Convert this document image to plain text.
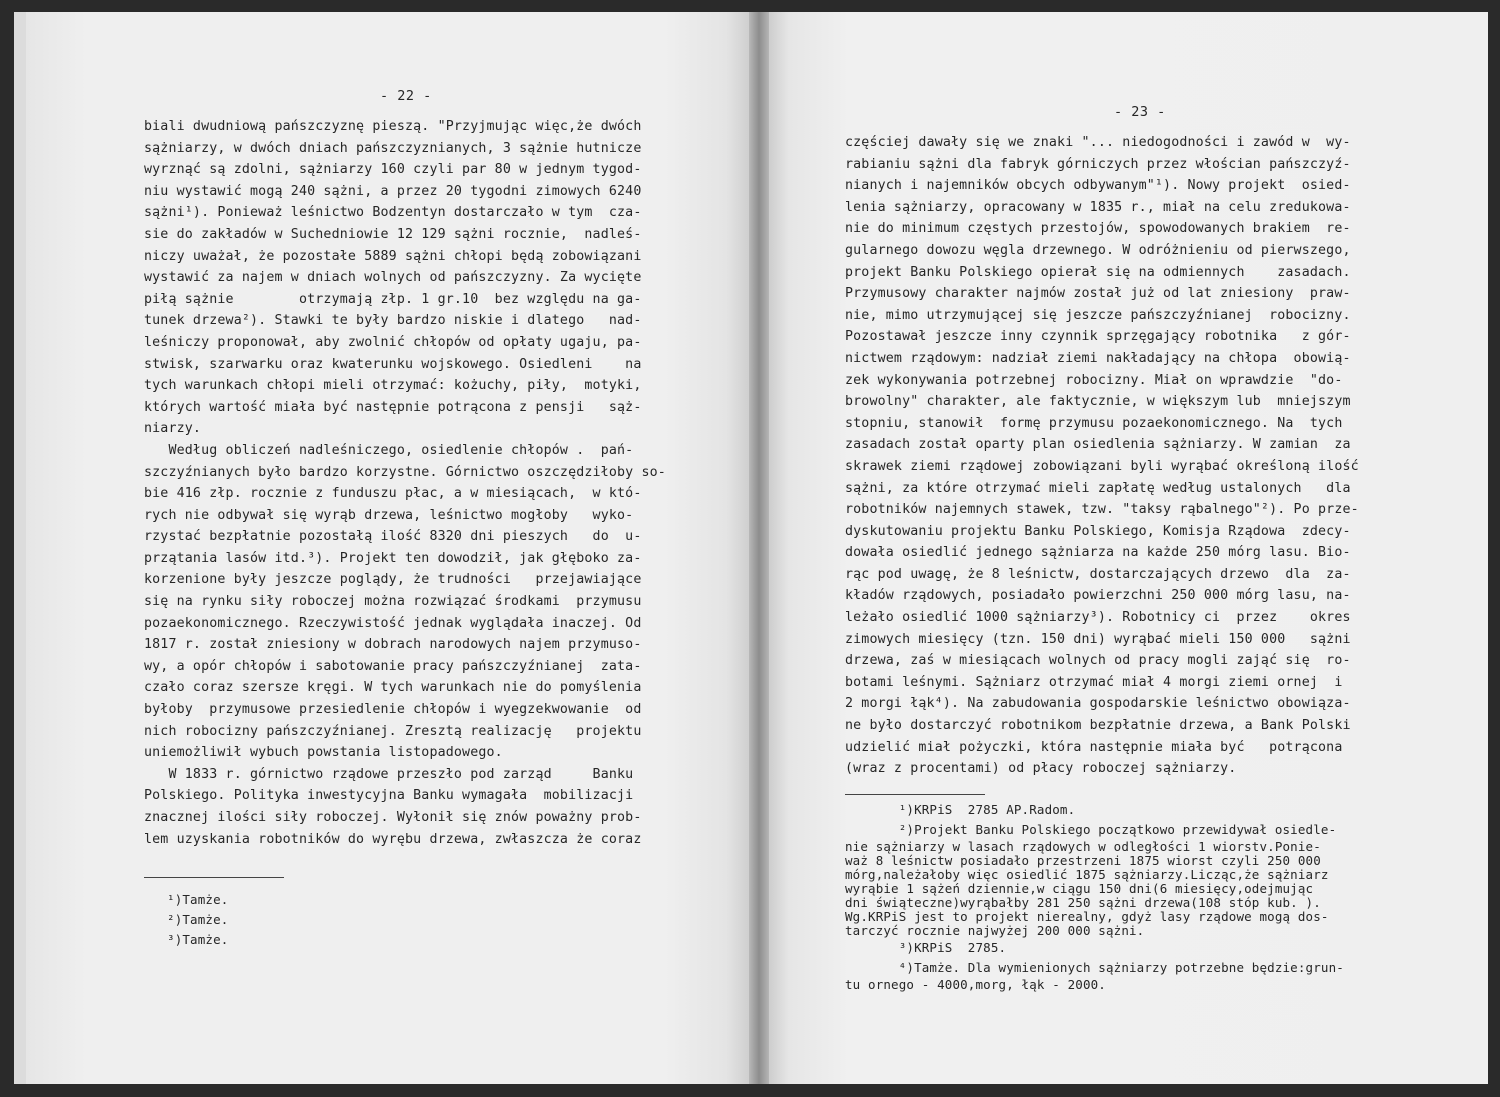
- 22 -
biali dwudniową pańszczyznę pieszą. "Przyjmując więc,że dwóch
sążniarzy, w dwóch dniach pańszczyznianych, 3 sążnie hutnicze
wyrznąć są zdolni, sążniarzy 160 czyli par 80 w jednym tygod-
niu wystawić mogą 240 sążni, a przez 20 tygodni zimowych 6240
sążni¹). Ponieważ leśnictwo Bodzentyn dostarczało w tym  cza-
sie do zakładów w Suchedniowie 12 129 sążni rocznie,  nadleś-
niczy uważał, że pozostałe 5889 sążni chłopi będą zobowiązani
wystawić za najem w dniach wolnych od pańszczyzny. Za wycięte
piłą sążnie        otrzymają złp. 1 gr.10  bez względu na ga-
tunek drzewa²). Stawki te były bardzo niskie i dlatego   nad-
leśniczy proponował, aby zwolnić chłopów od opłaty ugaju, pa-
stwisk, szarwarku oraz kwaterunku wojskowego. Osiedleni    na
tych warunkach chłopi mieli otrzymać: kożuchy, piły,  motyki,
których wartość miała być następnie potrącona z pensji   sąż-
niarzy.
Według obliczeń nadleśniczego, osiedlenie chłopów .  pań-
szczyźnianych było bardzo korzystne. Górnictwo oszczędziłoby so-
bie 416 złp. rocznie z funduszu płac, a w miesiącach,  w któ-
rych nie odbywał się wyrąb drzewa, leśnictwo mogłoby   wyko-
rzystać bezpłatnie pozostałą ilość 8320 dni pieszych   do  u-
przątania lasów itd.³). Projekt ten dowodził, jak głęboko za-
korzenione były jeszcze poglądy, że trudności   przejawiające
się na rynku siły roboczej można rozwiązać środkami  przymusu
pozaekonomicznego. Rzeczywistość jednak wyglądała inaczej. Od
1817 r. został zniesiony w dobrach narodowych najem przymuso-
wy, a opór chłopów i sabotowanie pracy pańszczyźnianej  zata-
czało coraz szersze kręgi. W tych warunkach nie do pomyślenia
byłoby  przymusowe przesiedlenie chłopów i wyegzekwowanie  od
nich robocizny pańszczyźnianej. Zresztą realizację   projektu
uniemożliwił wybuch powstania listopadowego.
W 1833 r. górnictwo rządowe przeszło pod zarząd     Banku
Polskiego. Polityka inwestycyjna Banku wymagała  mobilizacji
znacznej ilości siły roboczej. Wyłonił się znów poważny prob-
lem uzyskania robotników do wyrębu drzewa, zwłaszcza że coraz
¹)Tamże.
²)Tamże.
³)Tamże.
- 23 -
częściej dawały się we znaki "... niedogodności i zawód w  wy-
rabianiu sążni dla fabryk górniczych przez włościan pańszczyź-
nianych i najemników obcych odbywanym"¹). Nowy projekt  osied-
lenia sążniarzy, opracowany w 1835 r., miał na celu zredukowa-
nie do minimum częstych przestojów, spowodowanych brakiem  re-
gularnego dowozu węgla drzewnego. W odróżnieniu od pierwszego,
projekt Banku Polskiego opierał się na odmiennych    zasadach.
Przymusowy charakter najmów został już od lat zniesiony  praw-
nie, mimo utrzymującej się jeszcze pańszczyźnianej  robocizny.
Pozostawał jeszcze inny czynnik sprzęgający robotnika   z gór-
nictwem rządowym: nadział ziemi nakładający na chłopa  obowią-
zek wykonywania potrzebnej robocizny. Miał on wprawdzie  "do-
browolny" charakter, ale faktycznie, w większym lub  mniejszym
stopniu, stanowił  formę przymusu pozaekonomicznego. Na  tych
zasadach został oparty plan osiedlenia sążniarzy. W zamian  za
skrawek ziemi rządowej zobowiązani byli wyrąbać określoną ilość
sążni, za które otrzymać mieli zapłatę według ustalonych   dla
robotników najemnych stawek, tzw. "taksy rąbalnego"²). Po prze-
dyskutowaniu projektu Banku Polskiego, Komisja Rządowa  zdecy-
dowała osiedlić jednego sążniarza na każde 250 mórg lasu. Bio-
rąc pod uwagę, że 8 leśnictw, dostarczających drzewo  dla  za-
kładów rządowych, posiadało powierzchni 250 000 mórg lasu, na-
leżało osiedlić 1000 sążniarzy³). Robotnicy ci  przez    okres
zimowych miesięcy (tzn. 150 dni) wyrąbać mieli 150 000   sążni
drzewa, zaś w miesiącach wolnych od pracy mogli zająć się  ro-
botami leśnymi. Sążniarz otrzymać miał 4 morgi ziemi ornej  i
2 morgi łąk⁴). Na zabudowania gospodarskie leśnictwo obowiąza-
ne było dostarczyć robotnikom bezpłatnie drzewa, a Bank Polski
udzielić miał pożyczki, która następnie miała być   potrącona
(wraz z procentami) od płacy roboczej sążniarzy.
¹)KRPiS  2785 AP.Radom.
²)Projekt Banku Polskiego początkowo przewidywał osiedle-
nie sążniarzy w lasach rządowych w odległości 1 wiorstv.Ponie-
waż 8 leśnictw posiadało przestrzeni 1875 wiorst czyli 250 000
mórg,należałoby więc osiedlić 1875 sążniarzy.Licząc,że sążniarz
wyrąbie 1 sążeń dziennie,w ciągu 150 dni(6 miesięcy,odejmując
dni świąteczne)wyrąbałby 281 250 sążni drzewa(108 stóp kub. ).
Wg.KRPiS jest to projekt nierealny, gdyż lasy rządowe mogą dos-
tarczyć rocznie najwyżej 200 000 sążni.
³)KRPiS  2785.
⁴)Tamże. Dla wymienionych sążniarzy potrzebne będzie:grun-
tu ornego - 4000,morg, łąk - 2000.
